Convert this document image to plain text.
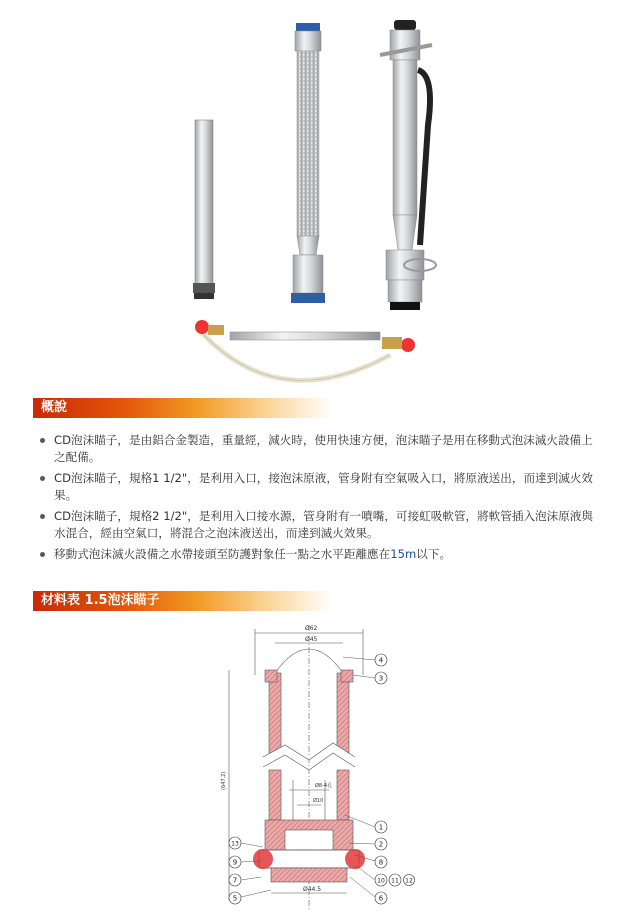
概說
CD泡沫瞄子，是由鋁合金製造，重量經，減火時，使用快速方便，泡沫瞄子是用在移動式泡沫滅火設備上之配備。
CD泡沫瞄子，規格1 1/2"，是利用入口，接泡沫原液，管身附有空氣吸入口，將原液送出，而達到滅火效果。
CD泡沫瞄子，規格2 1/2"，是利用入口接水源，管身附有一噴嘴，可接虹吸軟管，將軟管插入泡沫原液與水混合，經由空氣口，將混合之泡沫液送出，而達到滅火效果。
移動式泡沫滅火設備之水帶接頭至防護對象任一點之水平距離應在15m以下。
材料表 1.5泡沫瞄子
Ø62
Ø45
Ø8-4孔
Ø10
Ø44.5
(647.2)
4
3
1
2
8
10 11 12
6
13
9
7
5
